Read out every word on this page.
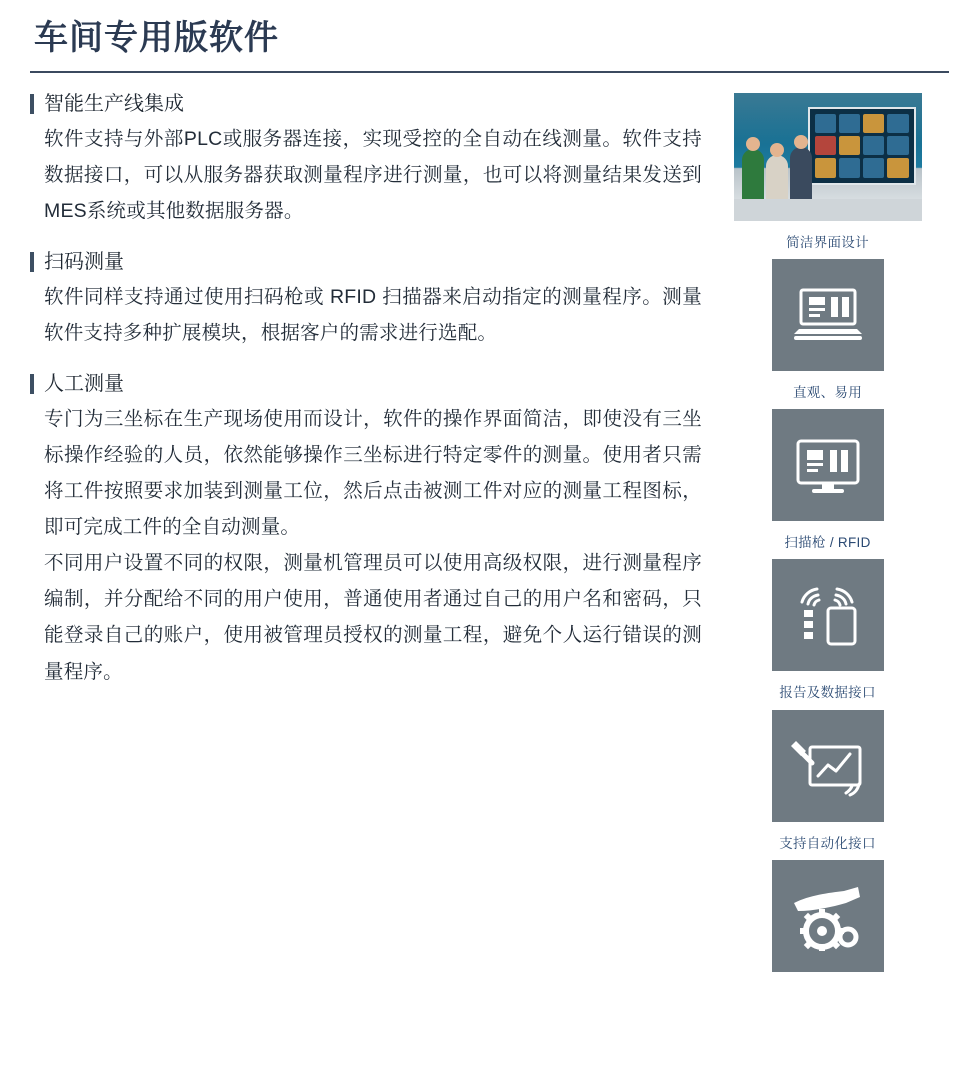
车间专用版软件
智能生产线集成

软件支持与外部PLC或服务器连接，实现受控的全自动在线测量。软件支持数据接口，可以从服务器获取测量程序进行测量，也可以将测量结果发送到MES系统或其他数据服务器。

扫码测量

软件同样支持通过使用扫码枪或 RFID 扫描器来启动指定的测量程序。测量软件支持多种扩展模块，根据客户的需求进行选配。

人工测量

专门为三坐标在生产现场使用而设计，软件的操作界面简洁，即使没有三坐标操作经验的人员，依然能够操作三坐标进行特定零件的测量。使用者只需将工件按照要求加装到测量工位，然后点击被测工件对应的测量工程图标，即可完成工件的全自动测量。

不同用户设置不同的权限，测量机管理员可以使用高级权限，进行测量程序编制，并分配给不同的用户使用，普通使用者通过自己的用户名和密码，只能登录自己的账户，使用被管理员授权的测量工程，避免个人运行错误的测量程序。

简洁界面设计
直观、易用
扫描枪 / RFID
报告及数据接口
支持自动化接口
